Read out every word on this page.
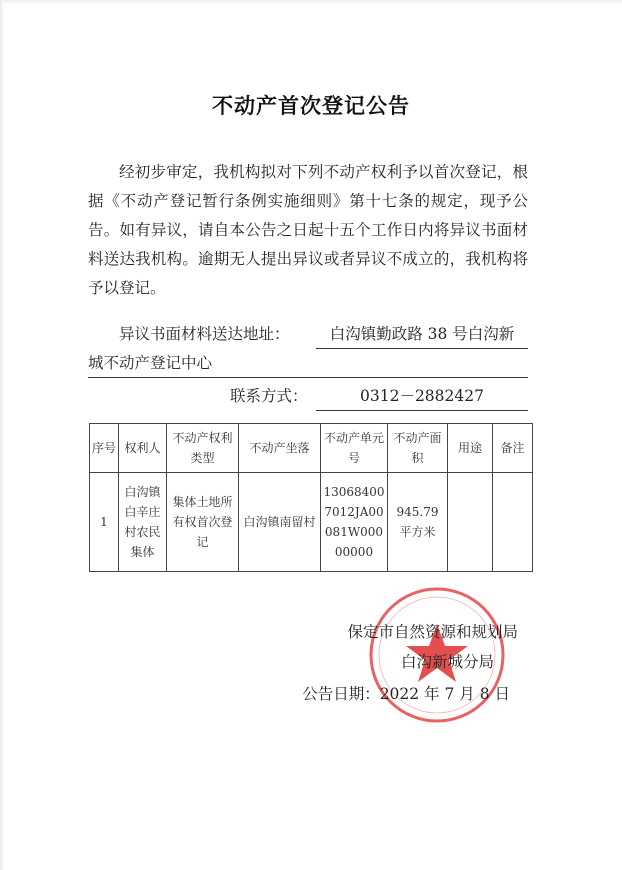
不动产首次登记公告

经初步审定，我机构拟对下列不动产权利予以首次登记，根据《不动产登记暂行条例实施细则》第十七条的规定，现予公告。如有异议，请自本公告之日起十五个工作日内将异议书面材料送达我机构。逾期无人提出异议或者异议不成立的，我机构将予以登记。

异议书面材料送达地址：	白沟镇勤政路 38 号白沟新
城不动产登记中心
联系方式：	0312－2882427
序号	权利人	不动产权利类型	不动产坐落	不动产单元号	不动产面积	用途	备注
1	白沟镇白辛庄村农民集体	集体土地所有权首次登记	白沟镇南留村	130684007012JA00081W00000000	945.79 平方米		
保定市自然资源和规划局
白沟新城分局
公告日期：2022 年 7 月 8 日
